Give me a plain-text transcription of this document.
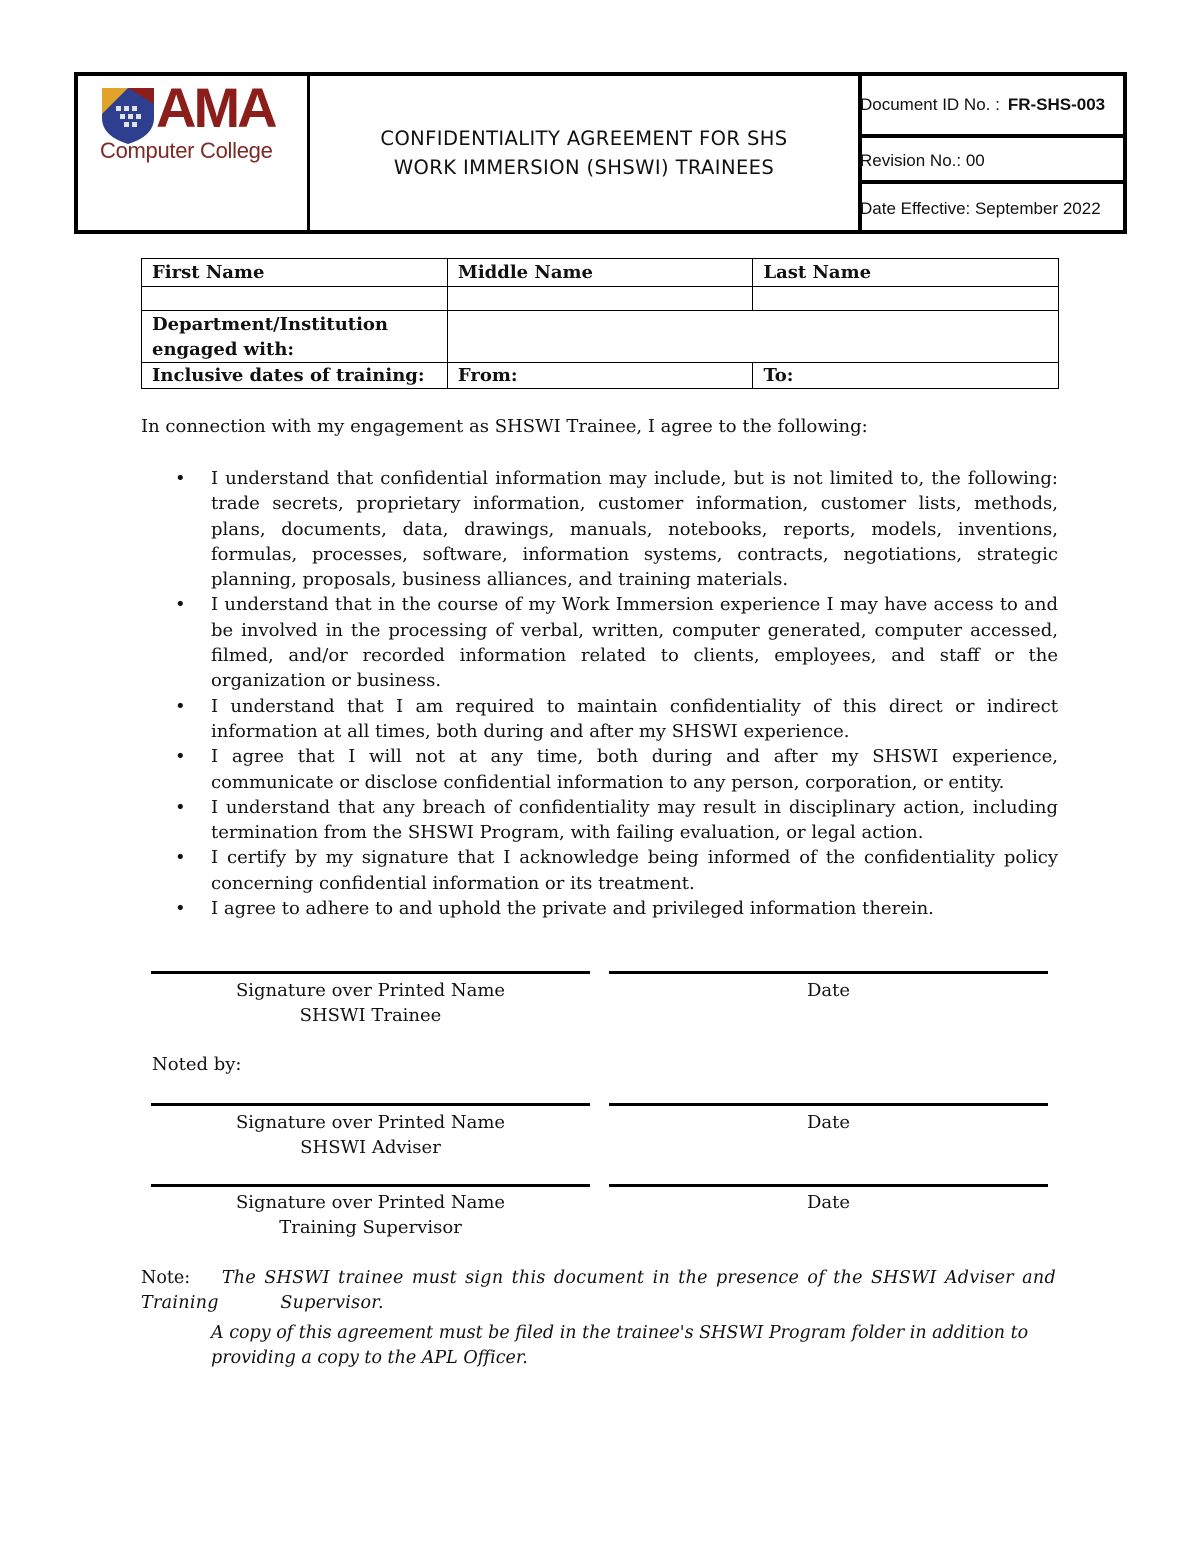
AMA
Computer College	CONFIDENTIALITY AGREEMENT FOR SHS
WORK IMMERSION (SHSWI) TRAINEES
Document ID No. : FR-SHS-003
Revision No.: 00
Date Effective: September 2022
First Name	Middle Name	Last Name

Department/Institution engaged with:		
Inclusive dates of training:	From:	To:
In connection with my engagement as SHSWI Trainee, I agree to the following:
• I understand that confidential information may include, but is not limited to, the following: trade secrets, proprietary information, customer information, customer lists, methods, plans, documents, data, drawings, manuals, notebooks, reports, models, inventions, formulas, processes, software, information systems, contracts, negotiations, strategic planning, proposals, business alliances, and training materials.
• I understand that in the course of my Work Immersion experience I may have access to and be involved in the processing of verbal, written, computer generated, computer accessed, filmed, and/or recorded information related to clients, employees, and staff or the organization or business.
• I understand that I am required to maintain confidentiality of this direct or indirect information at all times, both during and after my SHSWI experience.
• I agree that I will not at any time, both during and after my SHSWI experience, communicate or disclose confidential information to any person, corporation, or entity.
• I understand that any breach of confidentiality may result in disciplinary action, including termination from the SHSWI Program, with failing evaluation, or legal action.
• I certify by my signature that I acknowledge being informed of the confidentiality policy concerning confidential information or its treatment.
• I agree to adhere to and uphold the private and privileged information therein.
Signature over Printed Name
SHSWI Trainee
Date
Noted by:
Signature over Printed Name
SHSWI Adviser
Date
Signature over Printed Name
Training Supervisor
Date
Note: The SHSWI trainee must sign this document in the presence of the SHSWI Adviser and Training	Supervisor.
A copy of this agreement must be filed in the trainee's SHSWI Program folder in addition to providing a copy to the APL Officer.
